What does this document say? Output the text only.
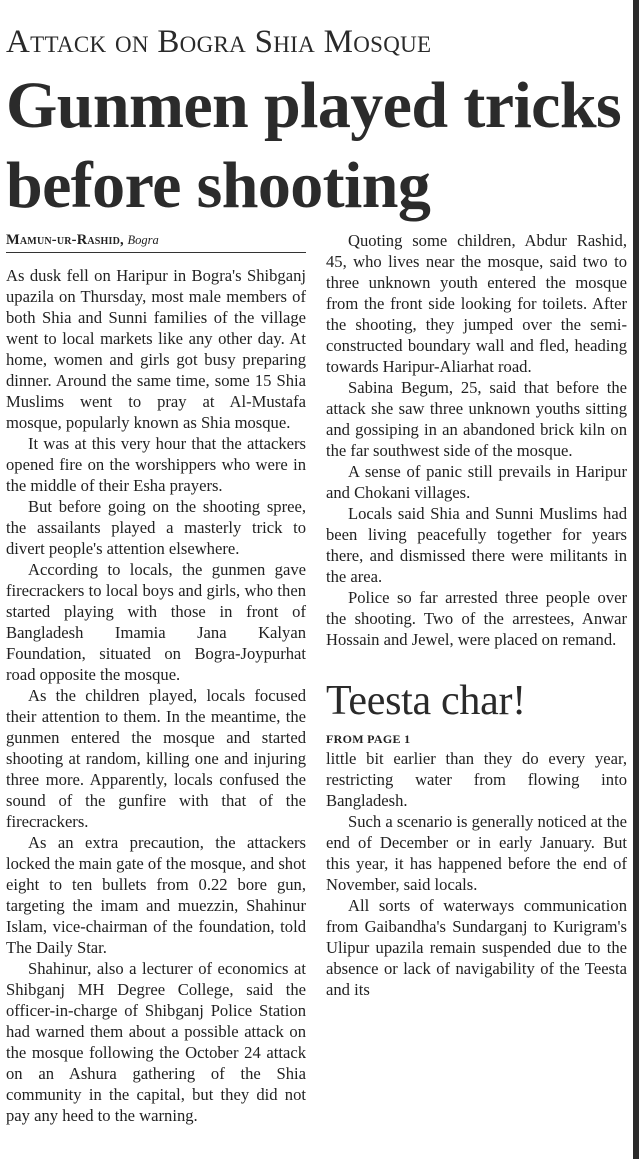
Attack on Bogra Shia Mosque
Gunmen played tricks before shooting
Mamun-ur-Rashid, Bogra

As dusk fell on Haripur in Bogra's Shibganj upazila on Thursday, most male members of both Shia and Sunni families of the village went to local markets like any other day. At home, women and girls got busy preparing dinner. Around the same time, some 15 Shia Muslims went to pray at Al-Mustafa mosque, popularly known as Shia mosque.

It was at this very hour that the attackers opened fire on the worshippers who were in the middle of their Esha prayers.

But before going on the shooting spree, the assailants played a masterly trick to divert people's attention elsewhere.

According to locals, the gunmen gave firecrackers to local boys and girls, who then started playing with those in front of Bangladesh Imamia Jana Kalyan Foundation, situated on Bogra-Joypurhat road opposite the mosque.

As the children played, locals focused their attention to them. In the meantime, the gunmen entered the mosque and started shooting at random, killing one and injuring three more. Apparently, locals confused the sound of the gunfire with that of the firecrackers.

As an extra precaution, the attackers locked the main gate of the mosque, and shot eight to ten bullets from 0.22 bore gun, targeting the imam and muezzin, Shahinur Islam, vice-chairman of the foundation, told The Daily Star.

Shahinur, also a lecturer of economics at Shibganj MH Degree College, said the officer-in-charge of Shibganj Police Station had warned them about a possible attack on the mosque following the October 24 attack on an Ashura gathering of the Shia community in the capital, but they did not pay any heed to the warning.

Quoting some children, Abdur Rashid, 45, who lives near the mosque, said two to three unknown youth entered the mosque from the front side looking for toilets. After the shooting, they jumped over the semi-constructed boundary wall and fled, heading towards Haripur-Aliarhat road.

Sabina Begum, 25, said that before the attack she saw three unknown youths sitting and gossiping in an abandoned brick kiln on the far southwest side of the mosque.

A sense of panic still prevails in Haripur and Chokani villages.

Locals said Shia and Sunni Muslims had been living peacefully together for years there, and dismissed there were militants in the area.

Police so far arrested three people over the shooting. Two of the arrestees, Anwar Hossain and Jewel, were placed on remand.

Teesta char!
FROM PAGE 1

little bit earlier than they do every year, restricting water from flowing into Bangladesh.

Such a scenario is generally noticed at the end of December or in early January. But this year, it has happened before the end of November, said locals.

All sorts of waterways communication from Gaibandha's Sundarganj to Kurigram's Ulipur upazila remain suspended due to the absence or lack of navigability of the Teesta and its
